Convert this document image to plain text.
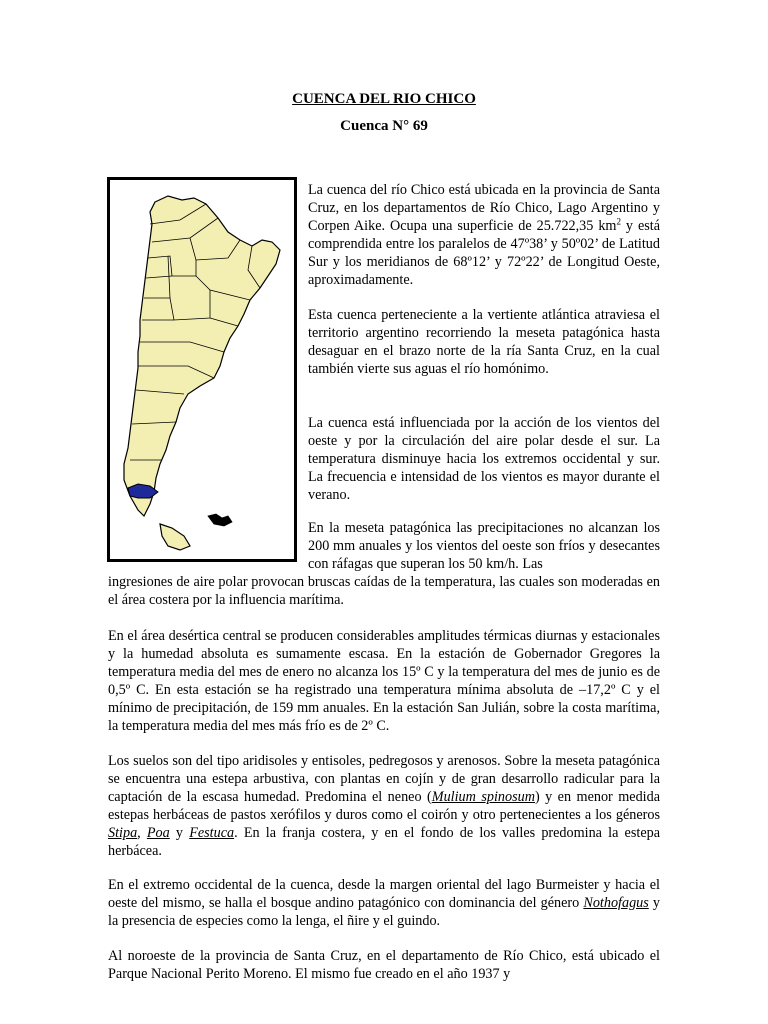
CUENCA DEL RIO CHICO
Cuenca N° 69

La cuenca del río Chico está ubicada en la provincia de Santa Cruz, en los departamentos de Río Chico, Lago Argentino y Corpen Aike. Ocupa una superficie de 25.722,35 $km^2$ y está comprendida entre los paralelos de 47º38’ y 50º02’ de Latitud Sur y los meridianos de 68º12’ y 72º22’ de Longitud Oeste, aproximadamente.

Esta cuenca perteneciente a la vertiente atlántica atraviesa el territorio argentino recorriendo la meseta patagónica hasta desaguar en el brazo norte de la ría Santa Cruz, en la cual también vierte sus aguas el río homónimo.

La cuenca está influenciada por la acción de los vientos del oeste y por la circulación del aire polar desde el sur. La temperatura disminuye hacia los extremos occidental y sur. La frecuencia e intensidad de los vientos es mayor durante el verano.

En la meseta patagónica las precipitaciones no alcanzan los 200 mm anuales y los vientos del oeste son fríos y desecantes con ráfagas que superan los 50 km/h. Las

ingresiones de aire polar provocan bruscas caídas de la temperatura, las cuales son moderadas en el área costera por la influencia marítima.

En el área desértica central se producen considerables amplitudes térmicas diurnas y estacionales y la humedad absoluta es sumamente escasa. En la estación de Gobernador Gregores la temperatura media del mes de enero no alcanza los 15º C y la temperatura del mes de junio es de 0,5º C. En esta estación se ha registrado una temperatura mínima absoluta de –17,2º C y el mínimo de precipitación, de 159 mm anuales. En la estación San Julián, sobre la costa marítima, la temperatura media del mes más frío es de 2º C.

Los suelos son del tipo aridisoles y entisoles, pedregosos y arenosos. Sobre la meseta patagónica se encuentra una estepa arbustiva, con plantas en cojín y de gran desarrollo radicular para la captación de la escasa humedad. Predomina el neneo (Mulium spinosum) y en menor medida estepas herbáceas de pastos xerófilos y duros como el coirón y otro pertenecientes a los géneros Stipa, Poa y Festuca. En la franja costera, y en el fondo de los valles predomina la estepa herbácea.

En el extremo occidental de la cuenca, desde la margen oriental del lago Burmeister y hacia el oeste del mismo, se halla el bosque andino patagónico con dominancia del género Nothofagus y la presencia de especies como la lenga, el ñire y el guindo.

Al noroeste de la provincia de Santa Cruz, en el departamento de Río Chico, está ubicado el Parque Nacional Perito Moreno. El mismo fue creado en el año 1937 y
